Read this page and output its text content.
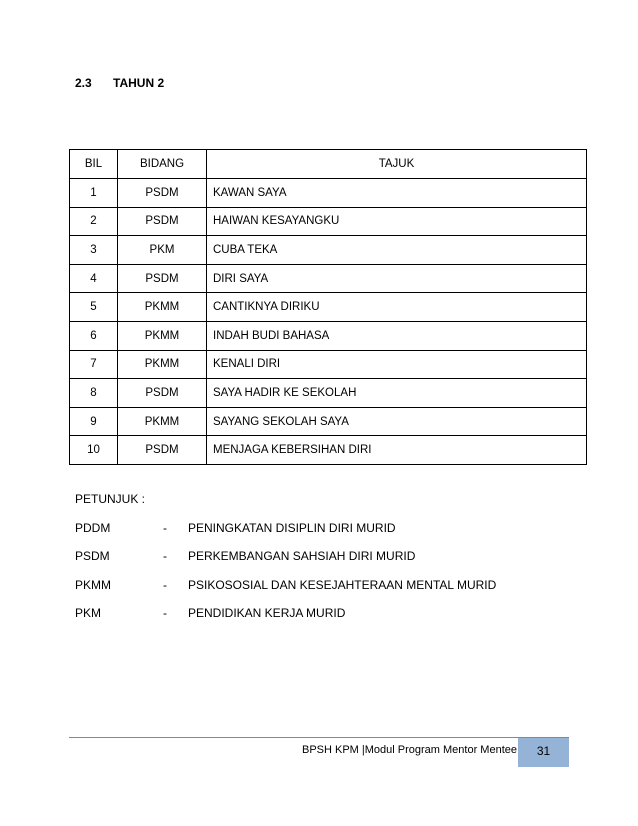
2.3	TAHUN 2
BIL	BIDANG	TAJUK
1	PSDM	KAWAN SAYA
2	PSDM	HAIWAN KESAYANGKU
3	PKM	CUBA TEKA
4	PSDM	DIRI SAYA
5	PKMM	CANTIKNYA DIRIKU
6	PKMM	INDAH BUDI BAHASA
7	PKMM	KENALI DIRI
8	PSDM	SAYA HADIR KE SEKOLAH
9	PKMM	SAYANG SEKOLAH SAYA
10	PSDM	MENJAGA KEBERSIHAN DIRI
PETUNJUK :
PDDM	-	PENINGKATAN DISIPLIN DIRI MURID
PSDM	-	PERKEMBANGAN SAHSIAH DIRI MURID
PKMM	-	PSIKOSOSIAL DAN KESEJAHTERAAN MENTAL MURID
PKM	-	PENDIDIKAN KERJA MURID
BPSH KPM |Modul Program Mentor Mentee	31
